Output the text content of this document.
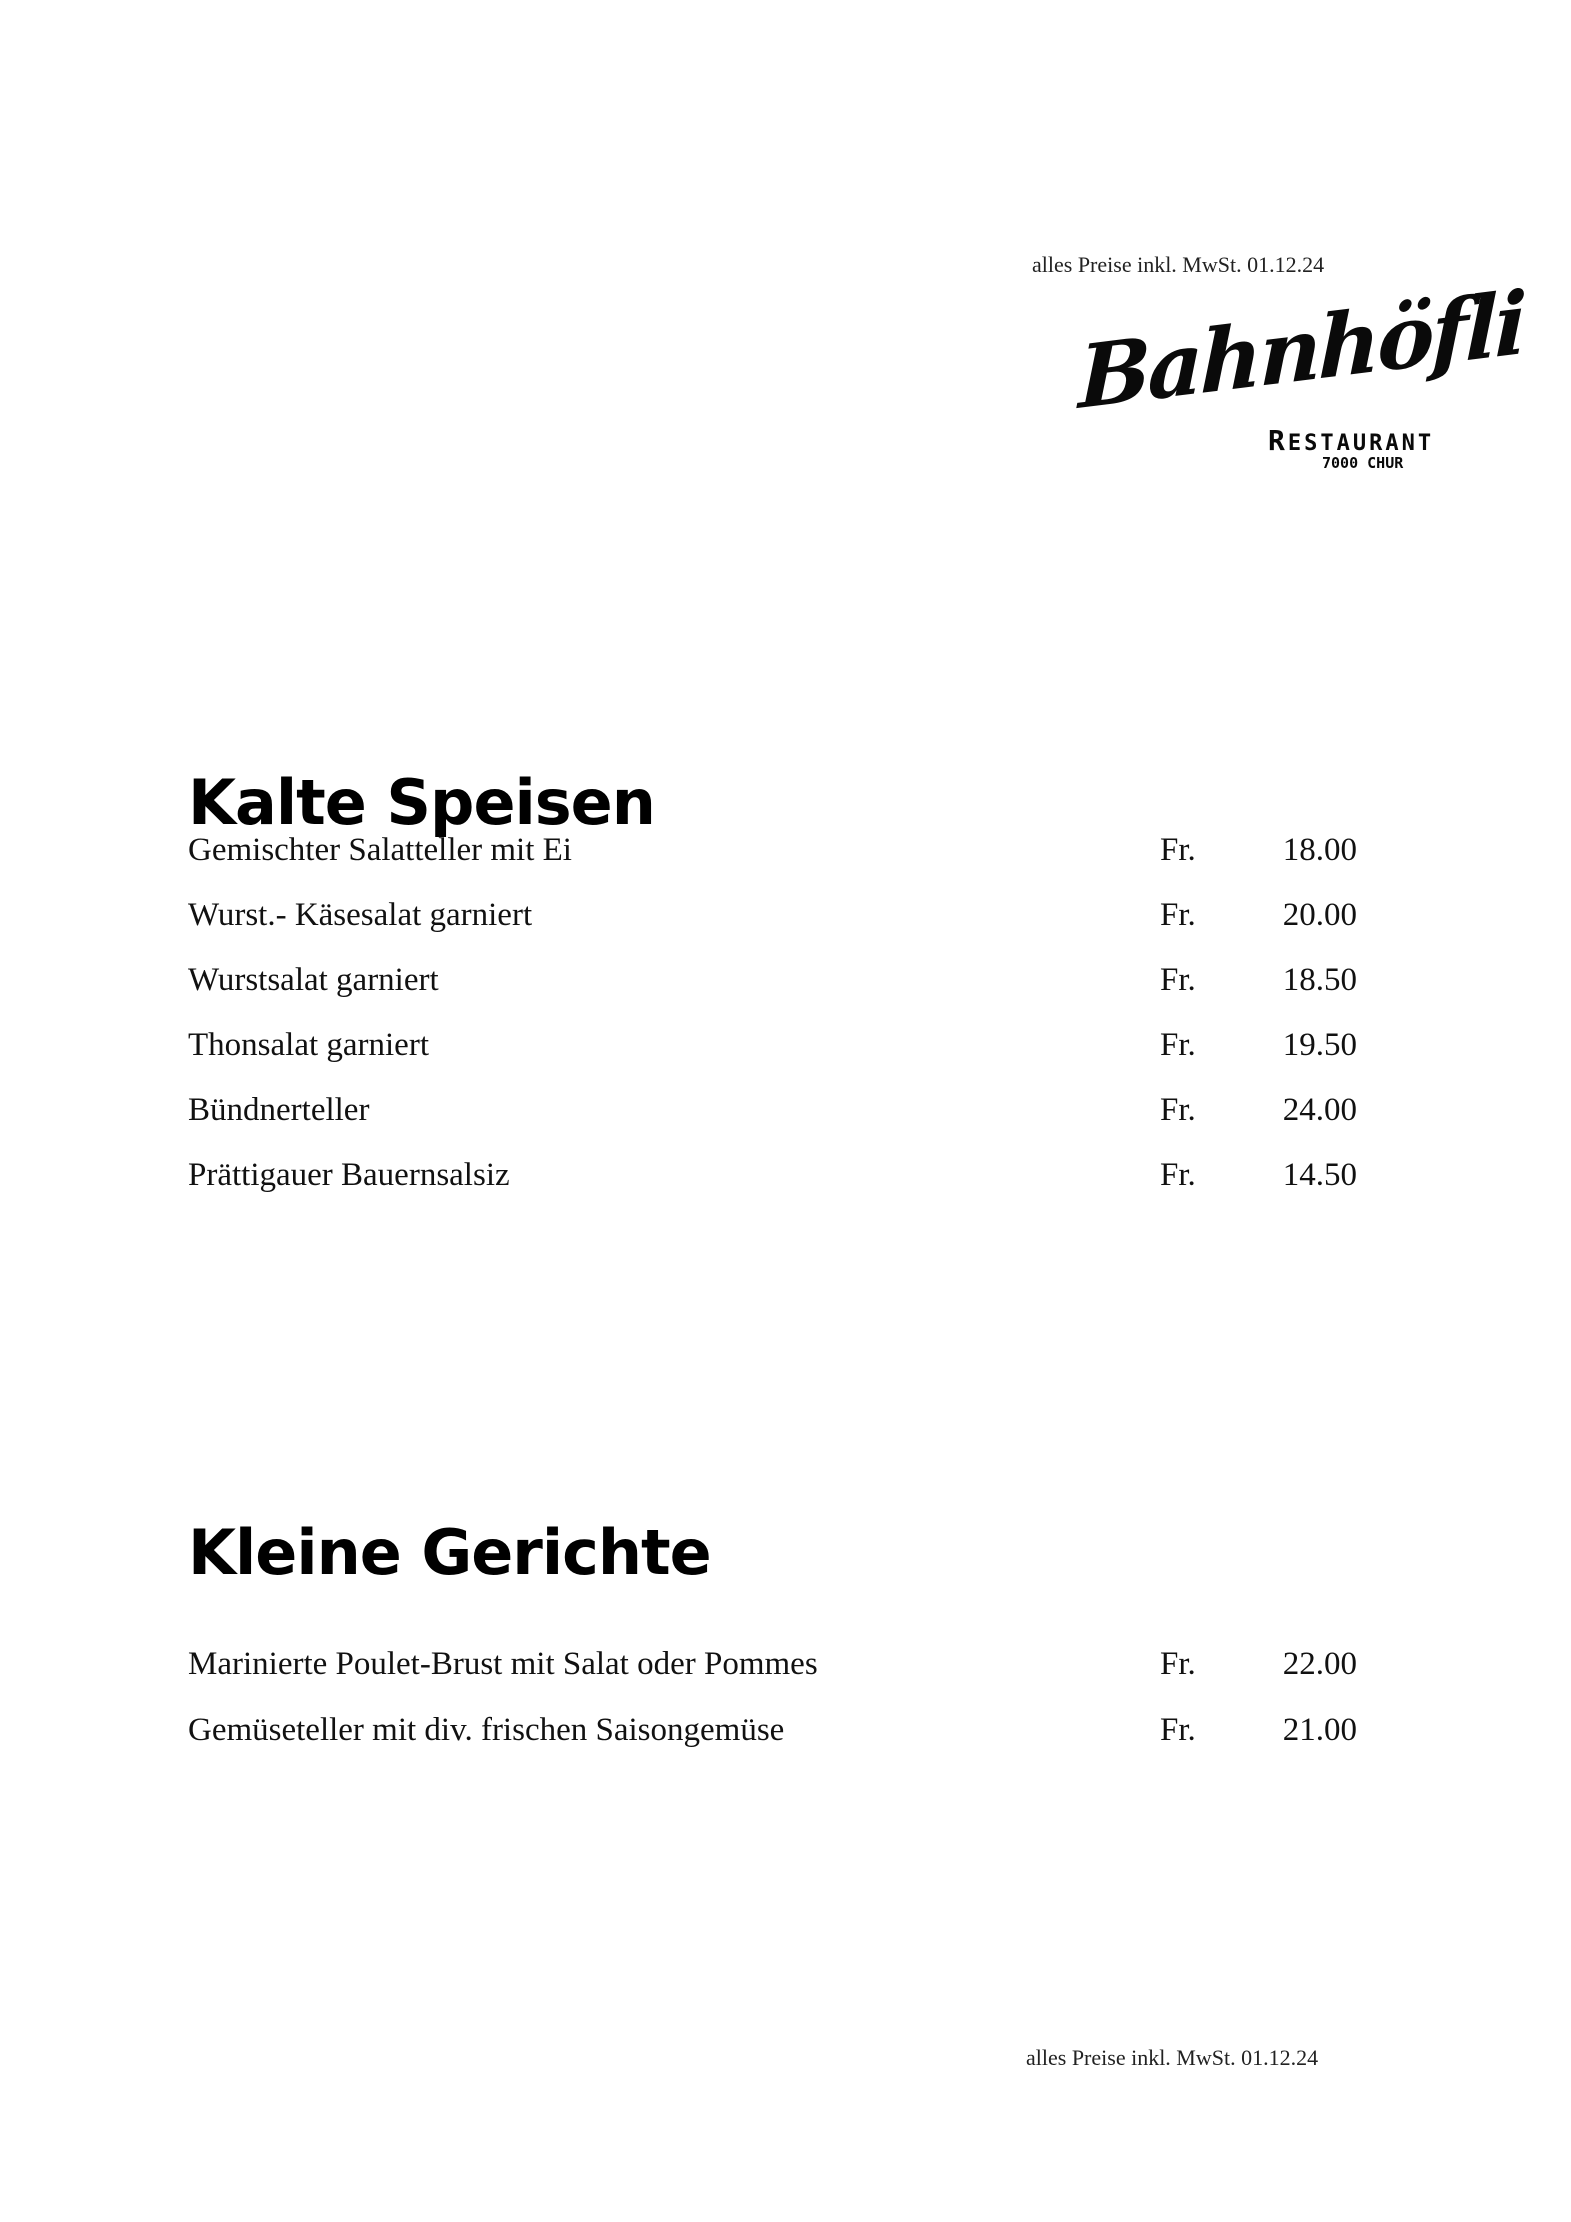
alles Preise inkl. MwSt. 01.12.24
Bahnhöfli
RESTAURANT
7000 CHUR
Kalte Speisen
Gemischter Salatteller mit Ei	Fr.	18.00
Wurst.- Käsesalat garniert	Fr.	20.00
Wurstsalat garniert	Fr.	18.50
Thonsalat garniert	Fr.	19.50
Bündnerteller	Fr.	24.00
Prättigauer Bauernsalsiz	Fr.	14.50
Kleine Gerichte
Marinierte Poulet-Brust mit Salat oder Pommes	Fr.	22.00
Gemüseteller mit div. frischen Saisongemüse	Fr.	21.00
alles Preise inkl. MwSt. 01.12.24
